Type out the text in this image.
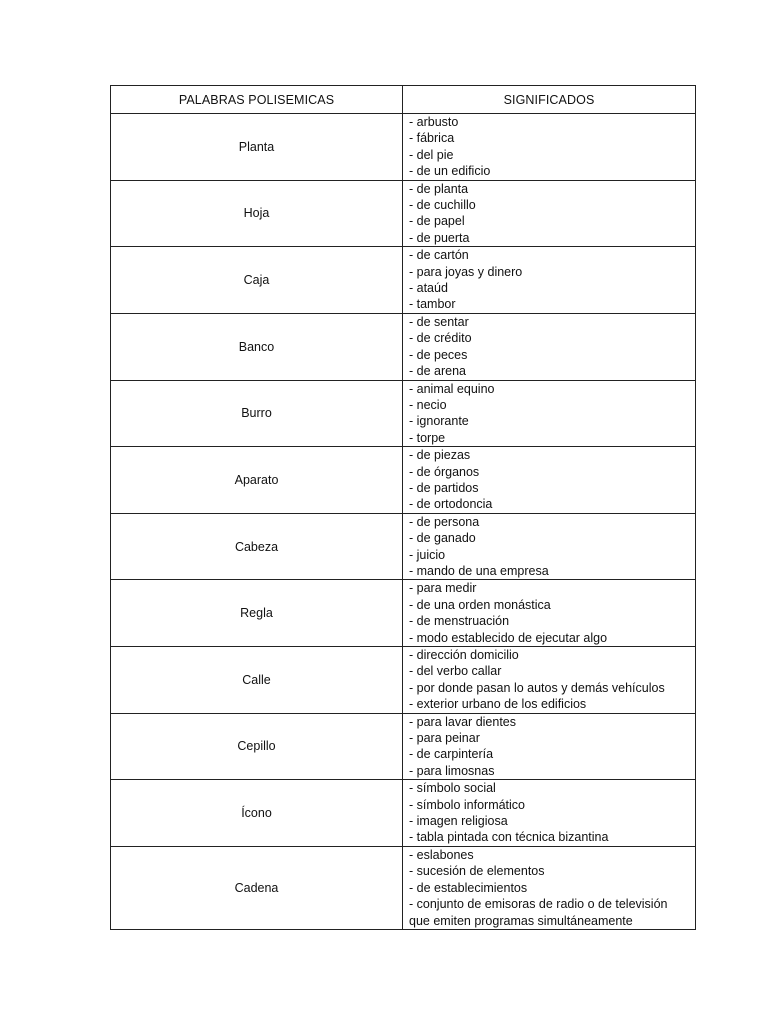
PALABRAS POLISEMICAS	SIGNIFICADOS
Planta	- arbusto
- fábrica
- del pie
- de un edificio

Hoja	- de planta
- de cuchillo
- de papel
- de puerta

Caja	- de cartón
- para joyas y dinero
- ataúd
- tambor

Banco	- de sentar
- de crédito
- de peces
- de arena

Burro	- animal equino
- necio
- ignorante
- torpe

Aparato	- de piezas
- de órganos
- de partidos
- de ortodoncia

Cabeza	- de persona
- de ganado
- juicio
- mando de una empresa

Regla	- para medir
- de una orden monástica
- de menstruación
- modo establecido de ejecutar algo

Calle	- dirección domicilio
- del verbo callar
- por donde pasan lo autos y demás vehículos
- exterior urbano de los edificios

Cepillo	- para lavar dientes
- para peinar
- de carpintería
- para limosnas

Ícono	- símbolo social
- símbolo informático
- imagen religiosa
- tabla pintada con técnica bizantina

Cadena	- eslabones
- sucesión de elementos
- de establecimientos
- conjunto de emisoras de radio o de televisión
que emiten programas simultáneamente
